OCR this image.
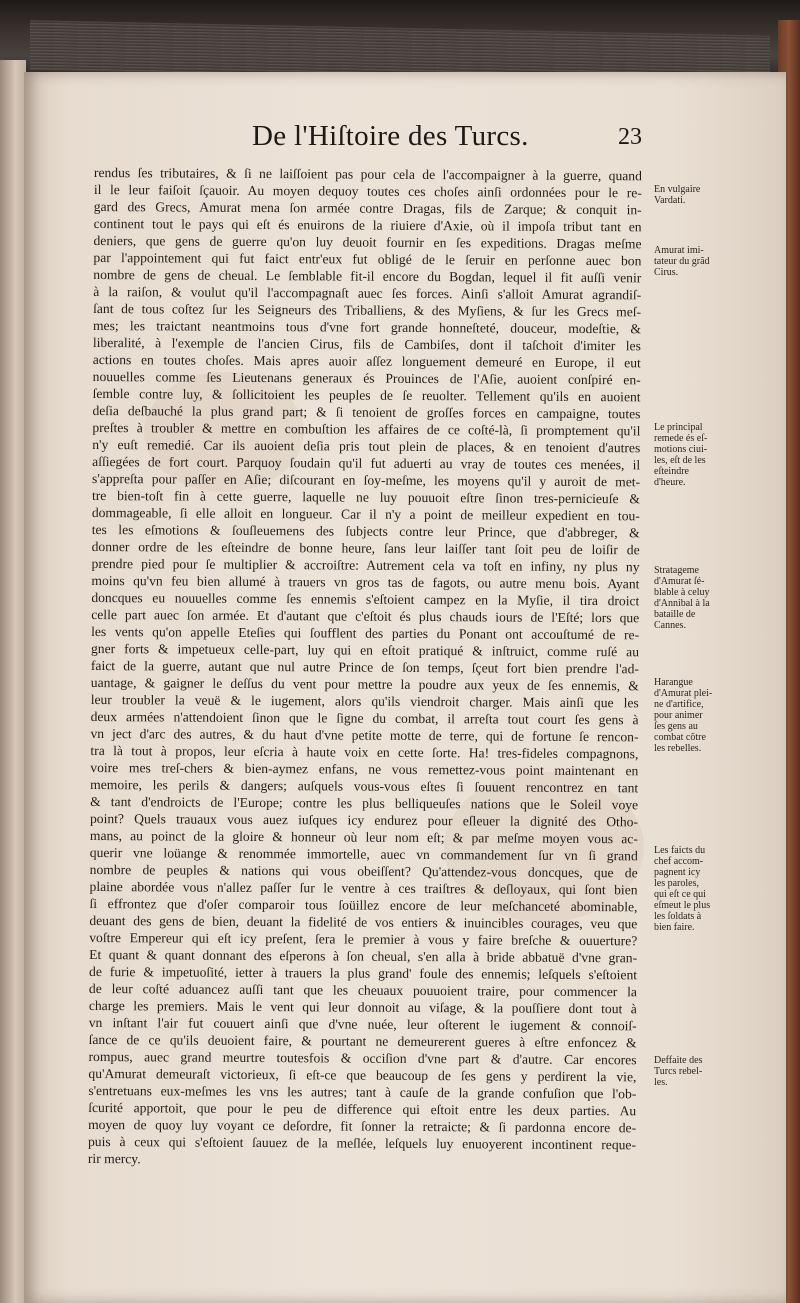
De l'Hiſtoire des Turcs.	23
rendus ſes tributaires, & ſi ne laiſſoient pas pour cela de l'accompaigner à la guerre, quand
il le leur faiſoit ſçauoir. Au moyen dequoy toutes ces choſes ainſi ordonnées pour le re-
gard des Grecs, Amurat mena ſon armée contre Dragas, fils de Zarque; & conquit in-
continent tout le pays qui eſt és enuirons de la riuiere d'Axie, où il impoſa tribut tant en
deniers, que gens de guerre qu'on luy deuoit fournir en ſes expeditions. Dragas meſme
par l'appointement qui fut faict entr'eux fut obligé de le ſeruir en perſonne auec bon
nombre de gens de cheual. Le ſemblable fit-il encore du Bogdan, lequel il fit auſſi venir
à la raiſon, & voulut qu'il l'accompagnaſt auec ſes forces. Ainſi s'alloit Amurat agrandiſ-
ſant de tous coſtez ſur les Seigneurs des Triballiens, & des Myſiens, & ſur les Grecs meſ-
mes; les traictant neantmoins tous d'vne fort grande honneſteté, douceur, modeſtie, &
liberalité, à l'exemple de l'ancien Cirus, fils de Cambiſes, dont il taſchoit d'imiter les
actions en toutes choſes. Mais apres auoir aſſez longuement demeuré en Europe, il eut
nouuelles comme ſes Lieutenans generaux és Prouinces de l'Aſie, auoient conſpiré en-
ſemble contre luy, & ſollicitoient les peuples de ſe reuolter. Tellement qu'ils en auoient
deſia deſbauché la plus grand part; & ſi tenoient de groſſes forces en campaigne, toutes
preſtes à troubler & mettre en combuſtion les affaires de ce coſté-là, ſi promptement qu'il
n'y euſt remedié. Car ils auoient deſia pris tout plein de places, & en tenoient d'autres
aſſiegées de fort court. Parquoy ſoudain qu'il fut aduerti au vray de toutes ces menées, il
s'appreſta pour paſſer en Aſie; diſcourant en ſoy-meſme, les moyens qu'il y auroit de met-
tre bien-toſt fin à cette guerre, laquelle ne luy pouuoit eſtre ſinon tres-pernicieuſe &
dommageable, ſi elle alloit en longueur. Car il n'y a point de meilleur expedient en tou-
tes les eſmotions & ſouſleuemens des ſubjects contre leur Prince, que d'abbreger, &
donner ordre de les eſteindre de bonne heure, ſans leur laiſſer tant ſoit peu de loiſir de
prendre pied pour ſe multiplier & accroiſtre: Autrement cela va toſt en infiny, ny plus ny
moins qu'vn feu bien allumé à trauers vn gros tas de fagots, ou autre menu bois. Ayant
doncques eu nouuelles comme ſes ennemis s'eſtoient campez en la Myſie, il tira droict
celle part auec ſon armée. Et d'autant que c'eſtoit és plus chauds iours de l'Eſté; lors que
les vents qu'on appelle Eteſies qui ſoufflent des parties du Ponant ont accouſtumé de re-
gner forts & impetueux celle-part, luy qui en eſtoit pratiqué & inſtruict, comme ruſé au
faict de la guerre, autant que nul autre Prince de ſon temps, ſçeut fort bien prendre l'ad-
uantage, & gaigner le deſſus du vent pour mettre la poudre aux yeux de ſes ennemis, &
leur troubler la veuë & le iugement, alors qu'ils viendroit charger. Mais ainſi que les
deux armées n'attendoient ſinon que le ſigne du combat, il arreſta tout court ſes gens à
vn ject d'arc des autres, & du haut d'vne petite motte de terre, qui de fortune ſe rencon-
tra là tout à propos, leur eſcria à haute voix en cette ſorte. Ha! tres-fideles compagnons,
voire mes treſ-chers & bien-aymez enfans, ne vous remettez-vous point maintenant en
memoire, les perils & dangers; auſquels vous-vous eſtes ſi ſouuent rencontrez en tant
& tant d'endroicts de l'Europe; contre les plus belliqueuſes nations que le Soleil voye
point? Quels trauaux vous auez iuſques icy endurez pour eſleuer la dignité des Otho-
mans, au poinct de la gloire & honneur où leur nom eſt; & par meſme moyen vous ac-
querir vne loüange & renommée immortelle, auec vn commandement ſur vn ſi grand
nombre de peuples & nations qui vous obeiſſent? Qu'attendez-vous doncques, que de
plaine abordée vous n'allez paſſer ſur le ventre à ces traiſtres & deſloyaux, qui ſont bien
ſi effrontez que d'oſer comparoir tous ſoüillez encore de leur meſchanceté abominable,
deuant des gens de bien, deuant la fidelité de vos entiers & inuincibles courages, veu que
voſtre Empereur qui eſt icy preſent, ſera le premier à vous y faire breſche & ouuerture?
Et quant & quant donnant des eſperons à ſon cheual, s'en alla à bride abbatuë d'vne gran-
de furie & impetuoſité, ietter à trauers la plus grand' foule des ennemis; leſquels s'eſtoient
de leur coſté aduancez auſſi tant que les cheuaux pouuoient traire, pour commencer la
charge les premiers. Mais le vent qui leur donnoit au viſage, & la pouſſiere dont tout à
vn inſtant l'air fut couuert ainſi que d'vne nuée, leur oſterent le iugement & connoiſ-
ſance de ce qu'ils deuoient faire, & pourtant ne demeurerent gueres à eſtre enfoncez &
rompus, auec grand meurtre toutesfois & occiſion d'vne part & d'autre. Car encores
qu'Amurat demeuraſt victorieux, ſi eſt-ce que beaucoup de ſes gens y perdirent la vie,
s'entretuans eux-meſmes les vns les autres; tant à cauſe de la grande confuſion que l'ob-
ſcurité apportoit, que pour le peu de difference qui eſtoit entre les deux parties. Au
moyen de quoy luy voyant ce deſordre, fit ſonner la retraicte; & ſi pardonna encore de-
puis à ceux qui s'eſtoient ſauuez de la meſlée, leſquels luy enuoyerent incontinent reque-
rir mercy.
En vulgaire
Vardati.
Amurat imi-
tateur du grãd
Cirus.
Le principal
remede és eſ-
motions ciui-
les, eſt de les
eſteindre
d'heure.
Stratageme
d'Amurat ſé-
blable à celuy
d'Annibal à la
bataille de
Cannes.
Harangue
d'Amurat plei-
ne d'artifice,
pour animer
ſes gens au
combat cõtre
les rebelles.
Les faicts du
chef accom-
pagnent icy
les paroles,
qui eſt ce qui
eſmeut le plus
les ſoldats à
bien faire.
Deffaite des
Turcs rebel-
les.
